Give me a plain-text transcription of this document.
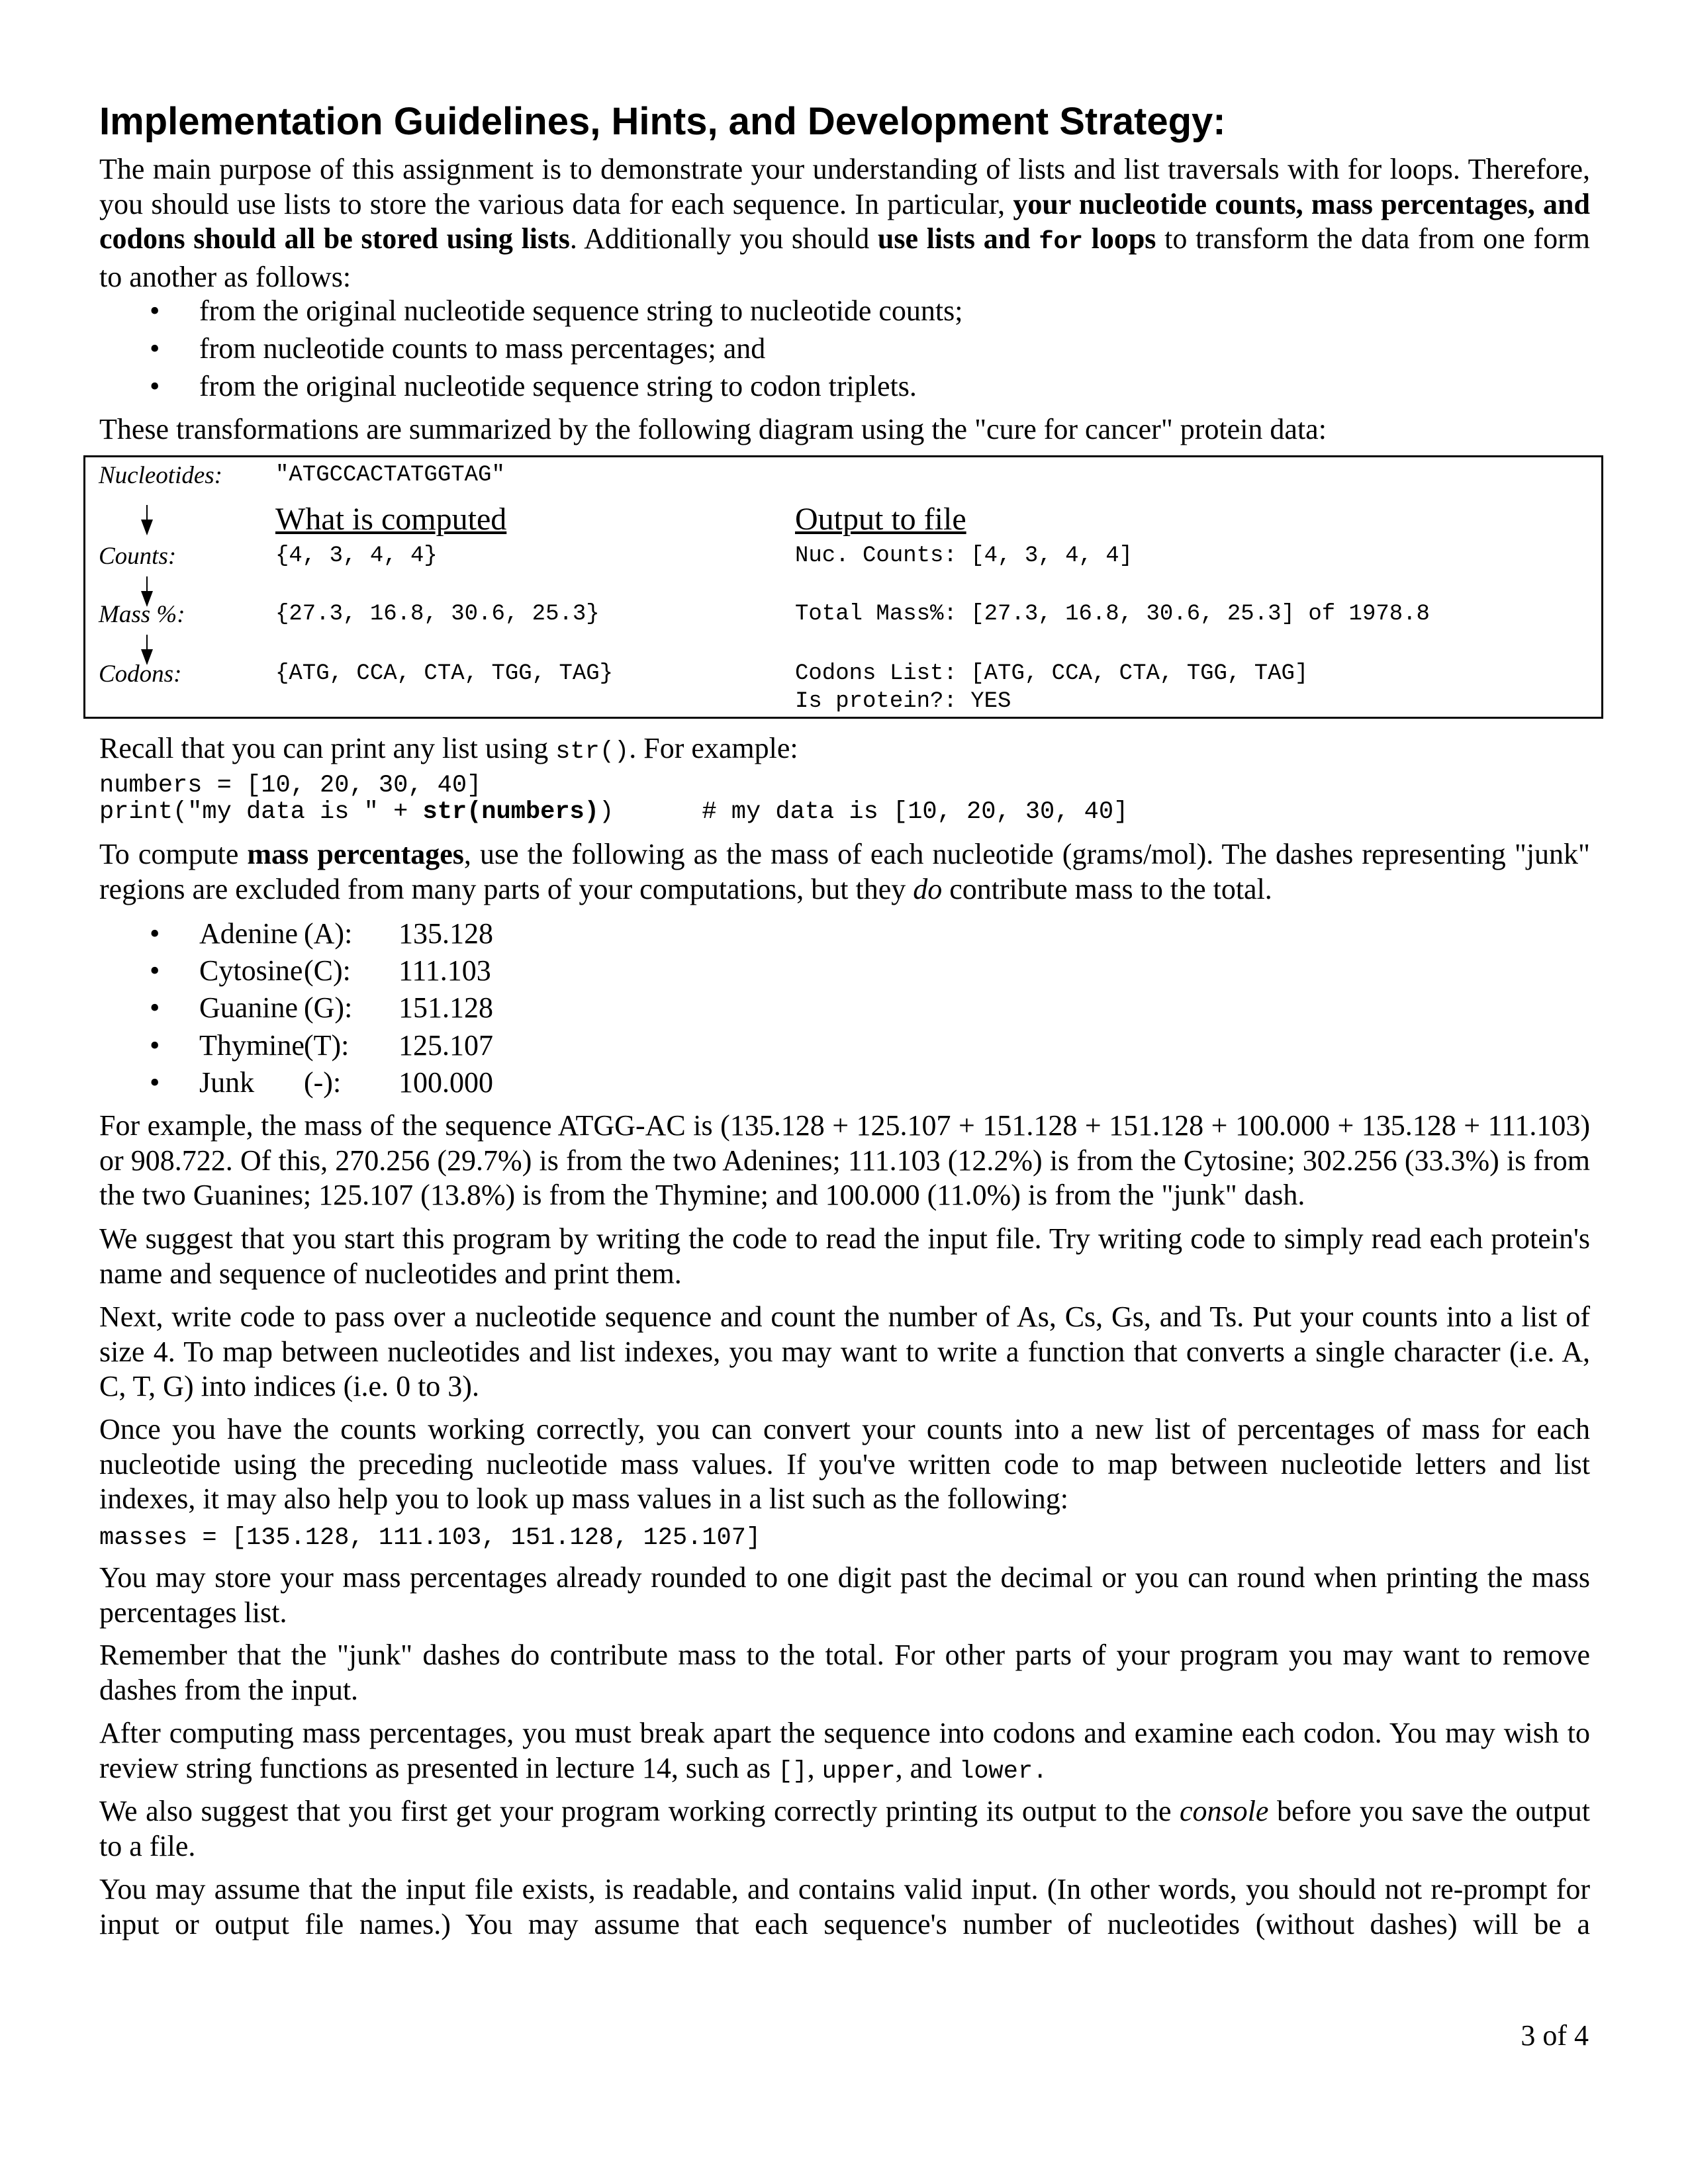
Implementation Guidelines, Hints, and Development Strategy:
The main purpose of this assignment is to demonstrate your understanding of lists and list traversals with for loops. Therefore, you should use lists to store the various data for each sequence. In particular, your nucleotide counts, mass percentages, and codons should all be stored using lists. Additionally you should use lists and for loops to transform the data from one form to another as follows:
• from the original nucleotide sequence string to nucleotide counts;
• from nucleotide counts to mass percentages; and
• from the original nucleotide sequence string to codon triplets.
These transformations are summarized by the following diagram using the "cure for cancer" protein data:
Nucleotides: "ATGCCACTATGGTAG"
What is computed	Output to file
Counts:	{4, 3, 4, 4}	Nuc. Counts: [4, 3, 4, 4]
Mass %:	{27.3, 16.8, 30.6, 25.3}	Total Mass%: [27.3, 16.8, 30.6, 25.3] of 1978.8
Codons:	{ATG, CCA, CTA, TGG, TAG}	Codons List: [ATG, CCA, CTA, TGG, TAG]
Is protein?: YES
Recall that you can print any list using str(). For example:
numbers = [10, 20, 30, 40]
print("my data is " + str(numbers))      # my data is [10, 20, 30, 40]
To compute mass percentages, use the following as the mass of each nucleotide (grams/mol). The dashes representing "junk" regions are excluded from many parts of your computations, but they do contribute mass to the total.
• Adenine (A): 135.128
• Cytosine (C): 111.103
• Guanine (G): 151.128
• Thymine (T): 125.107
• Junk (-): 100.000
For example, the mass of the sequence ATGG-AC is (135.128 + 125.107 + 151.128 + 151.128 + 100.000 + 135.128 + 111.103) or 908.722. Of this, 270.256 (29.7%) is from the two Adenines; 111.103 (12.2%) is from the Cytosine; 302.256 (33.3%) is from the two Guanines; 125.107 (13.8%) is from the Thymine; and 100.000 (11.0%) is from the "junk" dash.
We suggest that you start this program by writing the code to read the input file. Try writing code to simply read each protein's name and sequence of nucleotides and print them.
Next, write code to pass over a nucleotide sequence and count the number of As, Cs, Gs, and Ts. Put your counts into a list of size 4. To map between nucleotides and list indexes, you may want to write a function that converts a single character (i.e. A, C, T, G) into indices (i.e. 0 to 3).
Once you have the counts working correctly, you can convert your counts into a new list of percentages of mass for each nucleotide using the preceding nucleotide mass values. If you've written code to map between nucleotide letters and list indexes, it may also help you to look up mass values in a list such as the following:
masses = [135.128, 111.103, 151.128, 125.107]
You may store your mass percentages already rounded to one digit past the decimal or you can round when printing the mass percentages list.
Remember that the "junk" dashes do contribute mass to the total. For other parts of your program you may want to remove dashes from the input.
After computing mass percentages, you must break apart the sequence into codons and examine each codon. You may wish to review string functions as presented in lecture 14, such as [], upper, and lower.
We also suggest that you first get your program working correctly printing its output to the console before you save the output to a file.
You may assume that the input file exists, is readable, and contains valid input. (In other words, you should not re-prompt for input or output file names.) You may assume that each sequence's number of nucleotides (without dashes) will be a
3 of 4
